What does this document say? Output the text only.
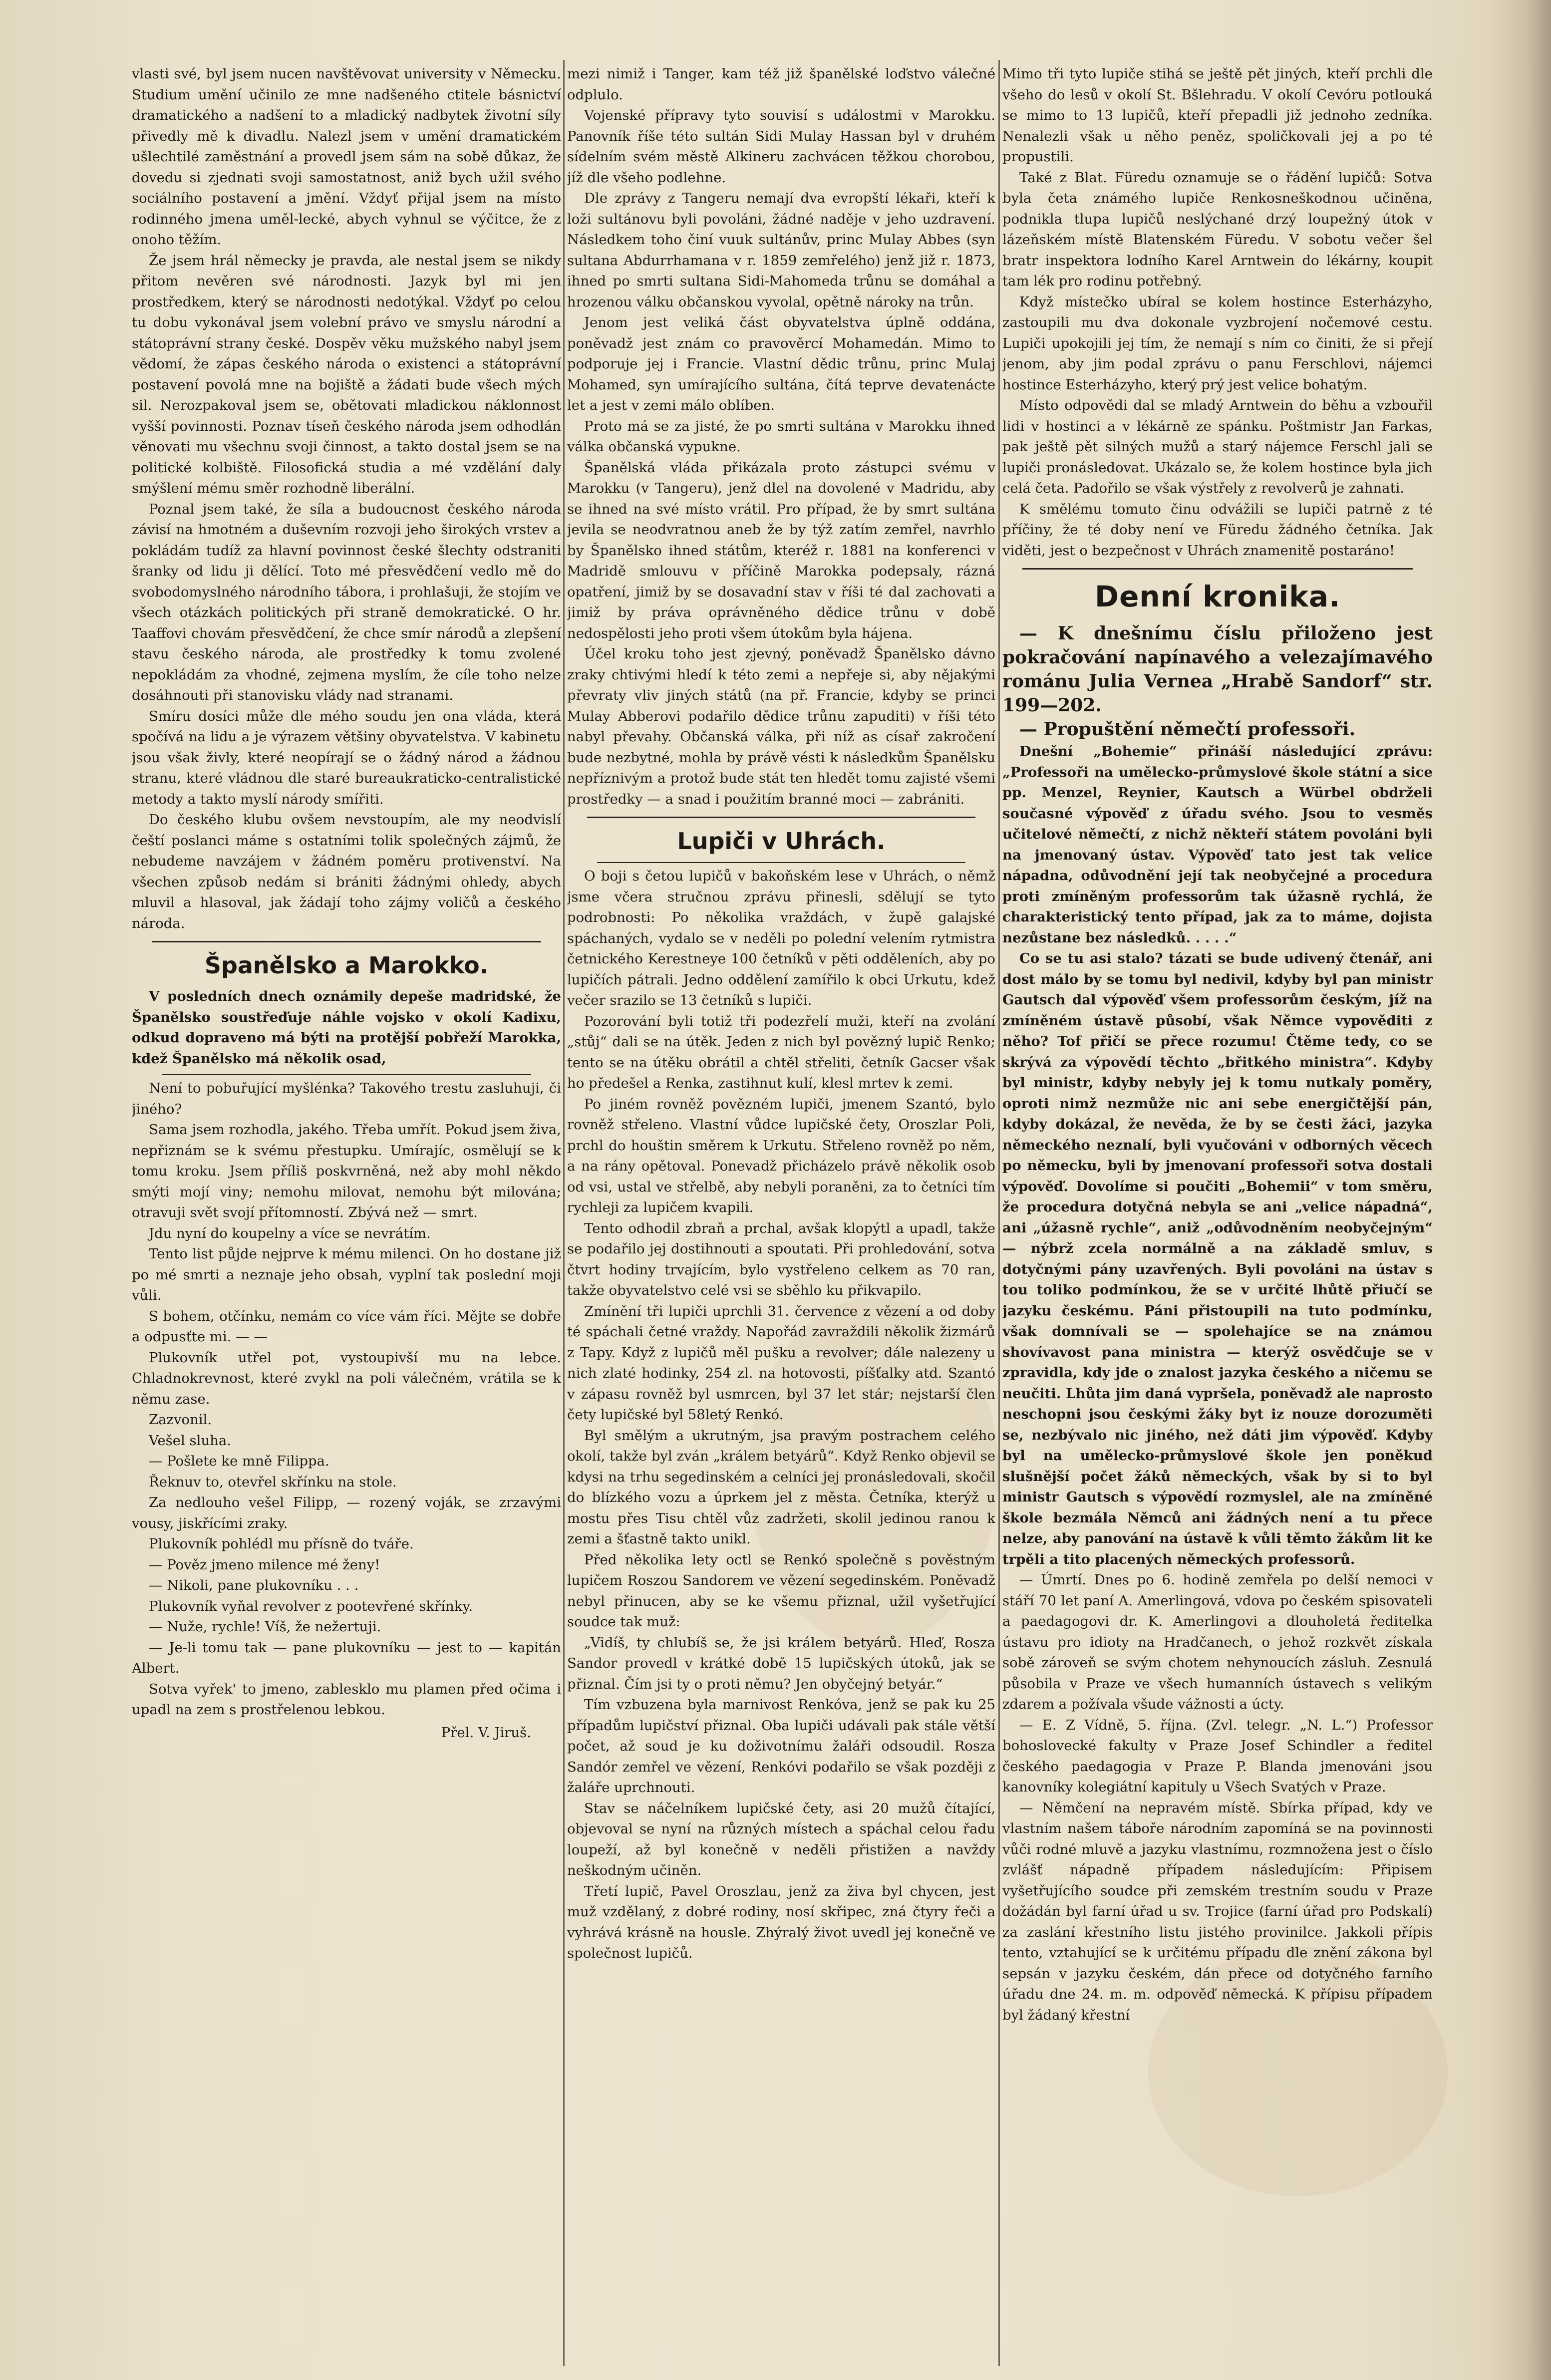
vlasti své, byl jsem nucen navštěvovat university v Německu. Studium umění učinilo ze mne nadšeného ctitele básnictví dramatického a nadšení to a mladický nadbytek životní síly přivedly mě k divadlu. Nalezl jsem v umění dramatickém ušlechtilé zaměstnání a provedl jsem sám na sobě důkaz, že dovedu si zjednati svoji samostatnost, aniž bych užil svého sociálního postavení a jmění. Vždyť přijal jsem na místo rodinného jmena uměl-lecké, abych vyhnul se výčitce, že z onoho těžím.

Že jsem hrál německy je pravda, ale nestal jsem se nikdy přitom nevěren své národnosti. Jazyk byl mi jen prostředkem, který se národnosti nedotýkal. Vždyť po celou tu dobu vykonával jsem volební právo ve smyslu národní a státoprávní strany české. Dospěv věku mužského nabyl jsem vědomí, že zápas českého národa o existenci a státoprávní postavení povolá mne na bojiště a žádati bude všech mých sil. Nerozpakoval jsem se, obětovati mladickou náklonnost vyšší povinnosti. Poznav tíseň českého národa jsem odhodlán věnovati mu všechnu svoji činnost, a takto dostal jsem se na politické kolbiště. Filosofická studia a mé vzdělání daly smýšlení mému směr rozhodně liberální.

Poznal jsem také, že síla a budoucnost českého národa závisí na hmotném a duševním rozvoji jeho širokých vrstev a pokládám tudíž za hlavní povinnost české šlechty odstraniti šranky od lidu ji dělící. Toto mé přesvědčení vedlo mě do svobodomyslného národního tábora, i prohlašuji, že stojím ve všech otázkách politických při straně demokratické. O hr. Taaffovi chovám přesvědčení, že chce smír národů a zlepšení stavu českého národa, ale prostředky k tomu zvolené nepokládám za vhodné, zejmena myslím, že cíle toho nelze dosáhnouti při stanovisku vlády nad stranami.

Smíru dosíci může dle mého soudu jen ona vláda, která spočívá na lidu a je výrazem většiny obyvatelstva. V kabinetu jsou však živly, které neopírají se o žádný národ a žádnou stranu, které vládnou dle staré bureaukraticko-centralistické metody a takto myslí národy smířiti.

Do českého klubu ovšem nevstoupím, ale my neodvislí čeští poslanci máme s ostatními tolik společných zájmů, že nebudeme navzájem v žádném poměru protivenství. Na všechen způsob nedám si brániti žádnými ohledy, abych mluvil a hlasoval, jak žádají toho zájmy voličů a českého národa.

Španělsko a Marokko.

V posledních dnech oznámily depeše madridské, že Španělsko soustřeďuje náhle vojsko v okolí Kadixu, odkud dopraveno má býti na protější pobřeží Marokka, kdež Španělsko má několik osad,

Není to pobuřující myšlénka? Takového trestu zasluhuji, či jiného?

Sama jsem rozhodla, jakého. Třeba umřít. Pokud jsem živa, nepřiznám se k svému přestupku. Umírajíc, osmělují se k tomu kroku. Jsem příliš poskvrněná, než aby mohl někdo smýti mojí viny; nemohu milovat, nemohu být milována; otravuji svět svojí přítomností. Zbývá než — smrt.

Jdu nyní do koupelny a více se nevrátím.

Tento list půjde nejprve k mému milenci. On ho dostane již po mé smrti a neznaje jeho obsah, vyplní tak poslední moji vůli.

S bohem, otčínku, nemám co více vám říci. Mějte se dobře a odpusťte mi. — —

Plukovník utřel pot, vystoupivší mu na lebce. Chladnokrevnost, které zvykl na poli válečném, vrátila se k němu zase.

Zazvonil.

Vešel sluha.

— Pošlete ke mně Filippa.

Řeknuv to, otevřel skřínku na stole.

Za nedlouho vešel Filipp, — rozený voják, se zrzavými vousy, jiskřícími zraky.

Plukovník pohlédl mu přísně do tváře.

— Pověz jmeno milence mé ženy!

— Nikoli, pane plukovníku . . .

Plukovník vyňal revolver z pootevřené skřínky.

— Nuže, rychle! Víš, že nežertuji.

— Je-li tomu tak — pane plukovníku — jest to — kapitán Albert.

Sotva vyřek' to jmeno, zablesklo mu plamen před očima i upadl na zem s prostřelenou lebkou.

Přel. V. Jiruš.

mezi nimiž i Tanger, kam též již španělské loďstvo válečné odplulo.

Vojenské přípravy tyto souvisí s událostmi v Marokku. Panovník říše této sultán Sidi Mulay Hassan byl v druhém sídelním svém městě Alkineru zachvácen těžkou chorobou, jíž dle všeho podlehne.

Dle zprávy z Tangeru nemají dva evropští lékaři, kteří k loži sultánovu byli povoláni, žádné naděje v jeho uzdravení. Následkem toho činí vuuk sultánův, princ Mulay Abbes (syn sultana Abdurrhamana v r. 1859 zemřelého) jenž již r. 1873, ihned po smrti sultana Sidi-Mahomeda trůnu se domáhal a hrozenou válku občanskou vyvolal, opětně nároky na trůn.

Jenom jest veliká část obyvatelstva úplně oddána, poněvadž jest znám co pravověrcí Mohamedán. Mimo to podporuje jej i Francie. Vlastní dědic trůnu, princ Mulaj Mohamed, syn umírajícího sultána, čítá teprve devatenácte let a jest v zemi málo oblíben.

Proto má se za jisté, že po smrti sultána v Marokku ihned válka občanská vypukne.

Španělská vláda přikázala proto zástupci svému v Marokku (v Tangeru), jenž dlel na dovolené v Madridu, aby se ihned na své místo vrátil. Pro případ, že by smrt sultána jevila se neodvratnou aneb že by týž zatím zemřel, navrhlo by Španělsko ihned státům, kteréž r. 1881 na konferenci v Madridě smlouvu v příčině Marokka podepsaly, rázná opatření, jimiž by se dosavadní stav v říši té dal zachovati a jimiž by práva oprávněného dědice trůnu v době nedospělosti jeho proti všem útokům byla hájena.

Účel kroku toho jest zjevný, poněvadž Španělsko dávno zraky chtivými hledí k této zemi a nepřeje si, aby nějakými převraty vliv jiných států (na př. Francie, kdyby se princi Mulay Abberovi podařilo dědice trůnu zapuditi) v říši této nabyl převahy. Občanská válka, při níž as císař zakročení bude nezbytné, mohla by právě vésti k následkům Španělsku nepříznivým a protož bude stát ten hledět tomu zajisté všemi prostředky — a snad i použitím branné moci — zabrániti.

Lupiči v Uhrách.

O boji s četou lupičů v bakoňském lese v Uhrách, o němž jsme včera stručnou zprávu přinesli, sdělují se tyto podrobnosti: Po několika vraždách, v župě galajské spáchaných, vydalo se v neděli po polední velením rytmistra četnického Kerestneye 100 četníků v pěti odděleních, aby po lupičích pátrali. Jedno oddělení zamířilo k obci Urkutu, kdež večer srazilo se 13 četníků s lupiči.

Pozorování byli totiž tři podezřelí muži, kteří na zvolání „stůj“ dali se na útěk. Jeden z nich byl povězný lupič Renko; tento se na útěku obrátil a chtěl střeliti, četník Gacser však ho předešel a Renka, zastihnut kulí, klesl mrtev k zemi.

Po jiném rovněž povězném lupiči, jmenem Szantó, bylo rovněž střeleno. Vlastní vůdce lupičské čety, Oroszlar Poli, prchl do houštin směrem k Urkutu. Střeleno rovněž po něm, a na rány opětoval. Ponevadž přicházelo právě několik osob od vsi, ustal ve střelbě, aby nebyli poraněni, za to četníci tím rychleji za lupičem kvapili.

Tento odhodil zbraň a prchal, avšak klopýtl a upadl, takže se podařilo jej dostihnouti a spoutati. Při prohledování, sotva čtvrt hodiny trvajícím, bylo vystřeleno celkem as 70 ran, takže obyvatelstvo celé vsi se sběhlo ku přikvapilo.

Zmínění tři lupiči uprchli 31. července z vězení a od doby té spáchali četné vraždy. Napořád zavraždili několik žizmárů z Tapy. Když z lupičů měl pušku a revolver; dále nalezeny u nich zlaté hodinky, 254 zl. na hotovosti, píšťalky atd. Szantó v zápasu rovněž byl usmrcen, byl 37 let stár; nejstarší člen čety lupičské byl 58letý Renkó.

Byl smělým a ukrutným, jsa pravým postrachem celého okolí, takže byl zván „králem betyárů“. Když Renko objevil se kdysi na trhu segedinském a celníci jej pronásledovali, skočil do blízkého vozu a úprkem jel z města. Četníka, kterýž u mostu přes Tisu chtěl vůz zadržeti, skolil jedinou ranou k zemi a šťastně takto unikl.

Před několika lety octl se Renkó společně s pověstným lupičem Roszou Sandorem ve vězení segedinském. Poněvadž nebyl přinucen, aby se ke všemu přiznal, užil vyšetřující soudce tak muž:

„Vidíš, ty chlubíš se, že jsi králem betyárů. Hleď, Rosza Sandor provedl v krátké době 15 lupičských útoků, jak se přiznal. Čím jsi ty o proti němu? Jen obyčejný betyár.“

Tím vzbuzena byla marnivost Renkóva, jenž se pak ku 25 případům lupičství přiznal. Oba lupiči udávali pak stále větší počet, až soud je ku doživotnímu žaláři odsoudil. Rosza Sandór zemřel ve vězení, Renkóvi podařilo se však později z žaláře uprchnouti.

Stav se náčelníkem lupičské čety, asi 20 mužů čítající, objevoval se nyní na různých místech a spáchal celou řadu loupeží, až byl konečně v neděli přistižen a navždy neškodným učiněn.

Třetí lupič, Pavel Oroszlau, jenž za živa byl chycen, jest muž vzdělaný, z dobré rodiny, nosí skřipec, zná čtyry řeči a vyhrává krásně na housle. Zhýralý život uvedl jej konečně ve společnost lupičů.

Mimo tři tyto lupiče stihá se ještě pět jiných, kteří prchli dle všeho do lesů v okolí St. Bšlehradu. V okolí Cevóru potlouká se mimo to 13 lupičů, kteří přepadli již jednoho zedníka. Nenalezli však u něho peněz, spoličkovali jej a po té propustili.

Také z Blat. Füredu oznamuje se o řádění lupičů: Sotva byla četa známého lupiče Renkosneškodnou učiněna, podnikla tlupa lupičů neslýchané drzý loupežný útok v lázeňském místě Blatenském Füredu. V sobotu večer šel bratr inspektora lodního Karel Arntwein do lékárny, koupit tam lék pro rodinu potřebný.

Když místečko ubíral se kolem hostince Esterházyho, zastoupili mu dva dokonale vyzbrojení nočemové cestu. Lupiči upokojili jej tím, že nemají s ním co činiti, že si přejí jenom, aby jim podal zprávu o panu Ferschlovi, nájemci hostince Esterházyho, který prý jest velice bohatým.

Místo odpovědi dal se mladý Arntwein do běhu a vzbouřil lidi v hostinci a v lékárně ze spánku. Poštmistr Jan Farkas, pak ještě pět silných mužů a starý nájemce Ferschl jali se lupiči pronásledovat. Ukázalo se, že kolem hostince byla jich celá četa. Padořilo se však výstřely z revolverů je zahnati.

K smělému tomuto činu odvážili se lupiči patrně z té příčiny, že té doby není ve Füredu žádného četníka. Jak viděti, jest o bezpečnost v Uhrách znamenitě postaráno!

Denní kronika.

— K dnešnímu číslu přiloženo jest pokračování napínavého a velezajímavého románu Julia Vernea „Hrabě Sandorf“ str. 199—202.

— Propuštění němečtí professoři.

Dnešní „Bohemie“ přináší následující zprávu: „Professoři na umělecko-průmyslové škole státní a sice pp. Menzel, Reynier, Kautsch a Würbel obdrželi současné výpověď z úřadu svého. Jsou to vesměs učitelové němečtí, z nichž někteří státem povoláni byli na jmenovaný ústav. Výpověď tato jest tak velice nápadna, odůvodnění její tak neobyčejné a procedura proti zmíněným professorům tak úžasně rychlá, že charakteristický tento případ, jak za to máme, dojista nezůstane bez následků. . . . .“

Co se tu asi stalo? tázati se bude udivený čtenář, ani dost málo by se tomu byl nedivil, kdyby byl pan ministr Gautsch dal výpověď všem professorům českým, jíž na zmíněném ústavě působí, však Němce vypověditi z něho? Tof přičí se přece rozumu! Čtěme tedy, co se skrývá za výpovědí těchto „břitkého ministra“. Kdyby byl ministr, kdyby nebyly jej k tomu nutkaly poměry, oproti nimž nezmůže nic ani sebe energičtější pán, kdyby dokázal, že nevěda, že by se česti žáci, jazyka německého neznalí, byli vyučováni v odborných věcech po německu, byli by jmenovaní professoři sotva dostali výpověď. Dovolíme si poučiti „Bohemii“ v tom směru, že procedura dotyčná nebyla se ani „velice nápadná“, ani „úžasně rychle“, aniž „odůvodněním neobyčejným“ — nýbrž zcela normálně a na základě smluv, s dotyčnými pány uzavřených. Byli povoláni na ústav s tou toliko podmínkou, že se v určité lhůtě přiučí se jazyku českému. Páni přistoupili na tuto podmínku, však domnívali se — spolehajíce se na známou shovívavost pana ministra — kterýž osvědčuje se v zpravidla, kdy jde o znalost jazyka českého a ničemu se neučiti. Lhůta jim daná vypršela, poněvadž ale naprosto neschopni jsou českými žáky byt iz nouze dorozuměti se, nezbývalo nic jiného, než dáti jim výpověď. Kdyby byl na umělecko-průmyslové škole jen poněkud slušnější počet žáků německých, však by si to byl ministr Gautsch s výpovědí rozmyslel, ale na zmíněné škole bezmála Němců ani žádných není a tu přece nelze, aby panování na ústavě k vůli těmto žákům lit ke trpěli a tito placených německých professorů.

— Úmrtí. Dnes po 6. hodině zemřela po delší nemoci v stáří 70 let paní A. Amerlingová, vdova po českém spisovateli a paedagogovi dr. K. Amerlingovi a dlouholetá ředitelka ústavu pro idioty na Hradčanech, o jehož rozkvět získala sobě zároveň se svým chotem nehynoucích zásluh. Zesnulá působila v Praze ve všech humanních ústavech s velikým zdarem a požívala všude vážnosti a úcty.

— E. Z Vídně, 5. října. (Zvl. telegr. „N. L.“) Professor bohoslovecké fakulty v Praze Josef Schindler a ředitel českého paedagogia v Praze P. Blanda jmenováni jsou kanovníky kolegiátní kapituly u Všech Svatých v Praze.

— Němčení na nepravém místě. Sbírka případ, kdy ve vlastním našem táboře národním zapomíná se na povinnosti vůči rodné mluvě a jazyku vlastnímu, rozmnožena jest o číslo zvlášť nápadně případem následujícím: Připisem vyšetřujícího soudce při zemském trestním soudu v Praze dožádán byl farní úřad u sv. Trojice (farní úřad pro Podskalí) za zaslání křestního listu jistého provinilce. Jakkoli přípis tento, vztahující se k určitému případu dle znění zákona byl sepsán v jazyku českém, dán přece od dotyčného farního úřadu dne 24. m. m. odpověď německá. K přípisu případem byl žádaný křestní
